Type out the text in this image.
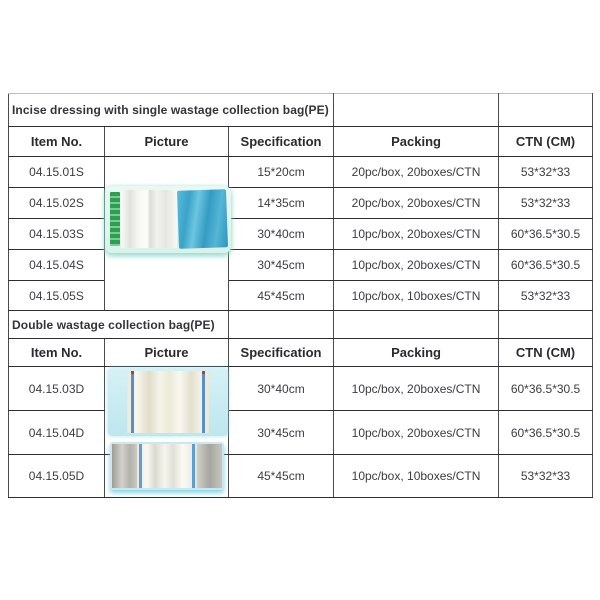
Incise dressing with single wastage collection bag(PE)				
Item No.	Picture	Specification	Packing	CTN (CM)
04.15.01S		15*20cm	20pc/box, 20boxes/CTN	53*32*33
04.15.02S		14*35cm	20pc/box, 20boxes/CTN	53*32*33
04.15.03S		30*40cm	10pc/box, 20boxes/CTN	60*36.5*30.5
04.15.04S		30*45cm	10pc/box, 20boxes/CTN	60*36.5*30.5
04.15.05S		45*45cm	10pc/box, 10boxes/CTN	53*32*33
Double wastage collection bag(PE)				
Item No.	Picture	Specification	Packing	CTN (CM)
04.15.03D		30*40cm	10pc/box, 20boxes/CTN	60*36.5*30.5
04.15.04D		30*45cm	10pc/box, 20boxes/CTN	60*36.5*30.5
04.15.05D		45*45cm	10pc/box, 10boxes/CTN	53*32*33
